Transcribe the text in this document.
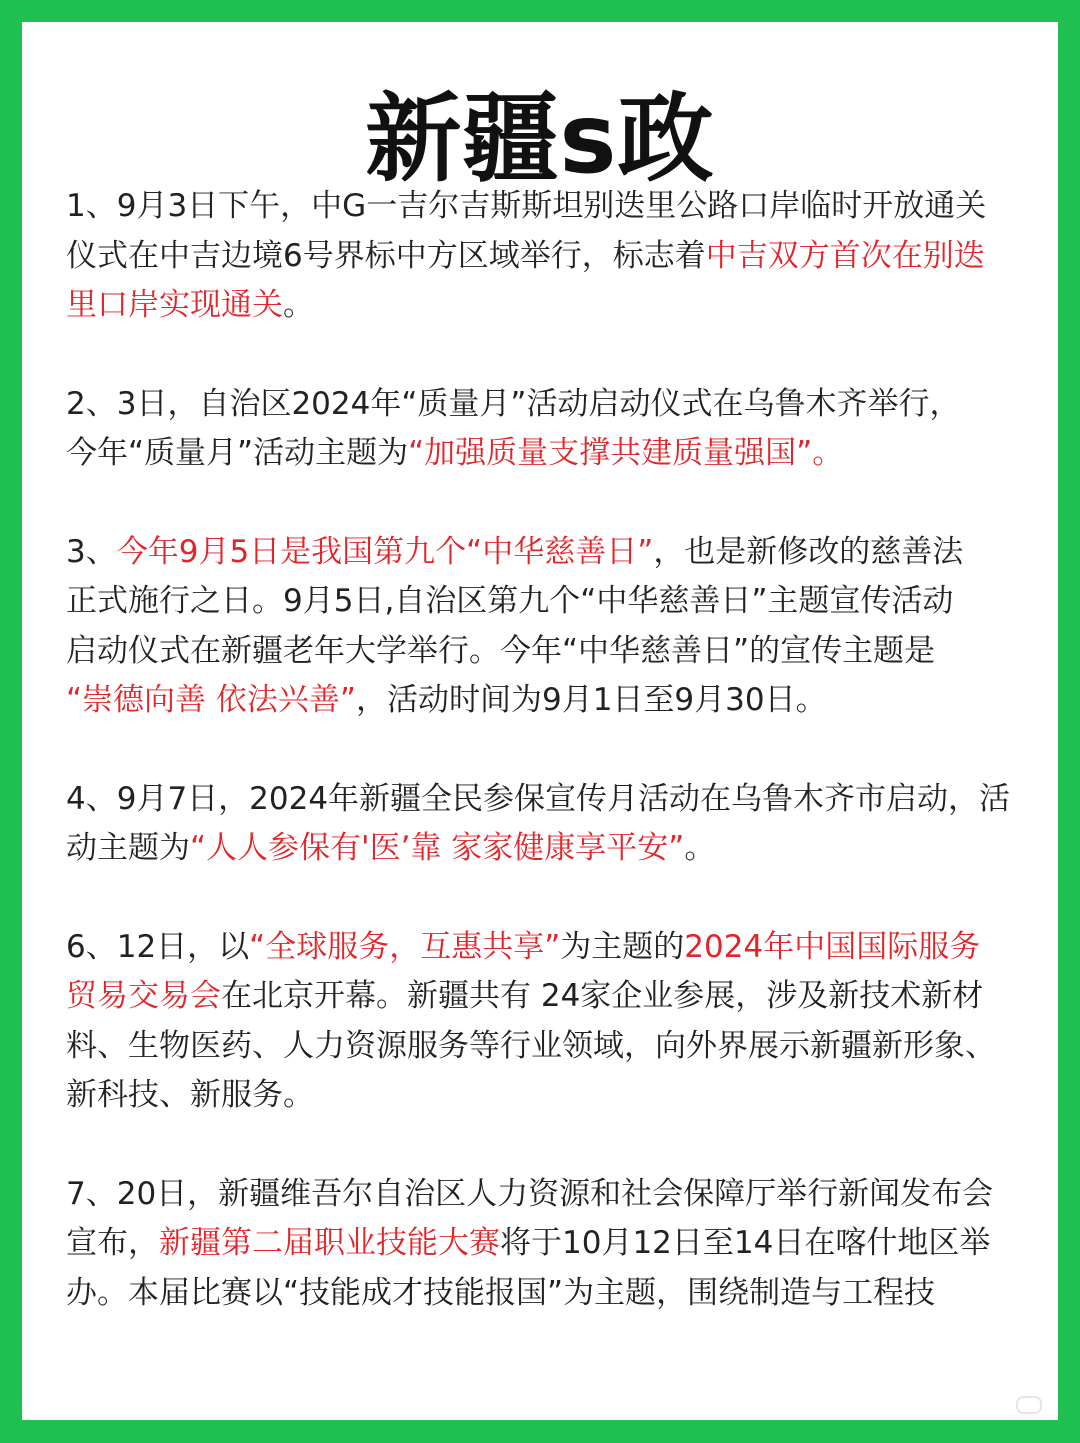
新疆s政
1、9月3日下午，中G一吉尔吉斯斯坦别迭里公路口岸临时开放通关
仪式在中吉边境6号界标中方区域举行，标志着中吉双方首次在别迭
里口岸实现通关。
2、3日，自治区2024年“质量月”活动启动仪式在乌鲁木齐举行，
今年“质量月”活动主题为“加强质量支撑共建质量强国”。
3、今年9月5日是我国第九个“中华慈善日”，也是新修改的慈善法
正式施行之日。9月5日,自治区第九个“中华慈善日”主题宣传活动
启动仪式在新疆老年大学举行。今年“中华慈善日”的宣传主题是
“崇德向善 依法兴善”，活动时间为9月1日至9月30日。
4、9月7日，2024年新疆全民参保宣传月活动在乌鲁木齐市启动，活
动主题为“人人参保有'医’靠 家家健康享平安”。
6、12日，以“全球服务，互惠共享”为主题的2024年中国国际服务
贸易交易会在北京开幕。新疆共有 24家企业参展，涉及新技术新材
料、生物医药、人力资源服务等行业领域，向外界展示新疆新形象、
新科技、新服务。
7、20日，新疆维吾尔自治区人力资源和社会保障厅举行新闻发布会
宣布，新疆第二届职业技能大赛将于10月12日至14日在喀什地区举
办。本届比赛以“技能成才技能报国”为主题，围绕制造与工程技
